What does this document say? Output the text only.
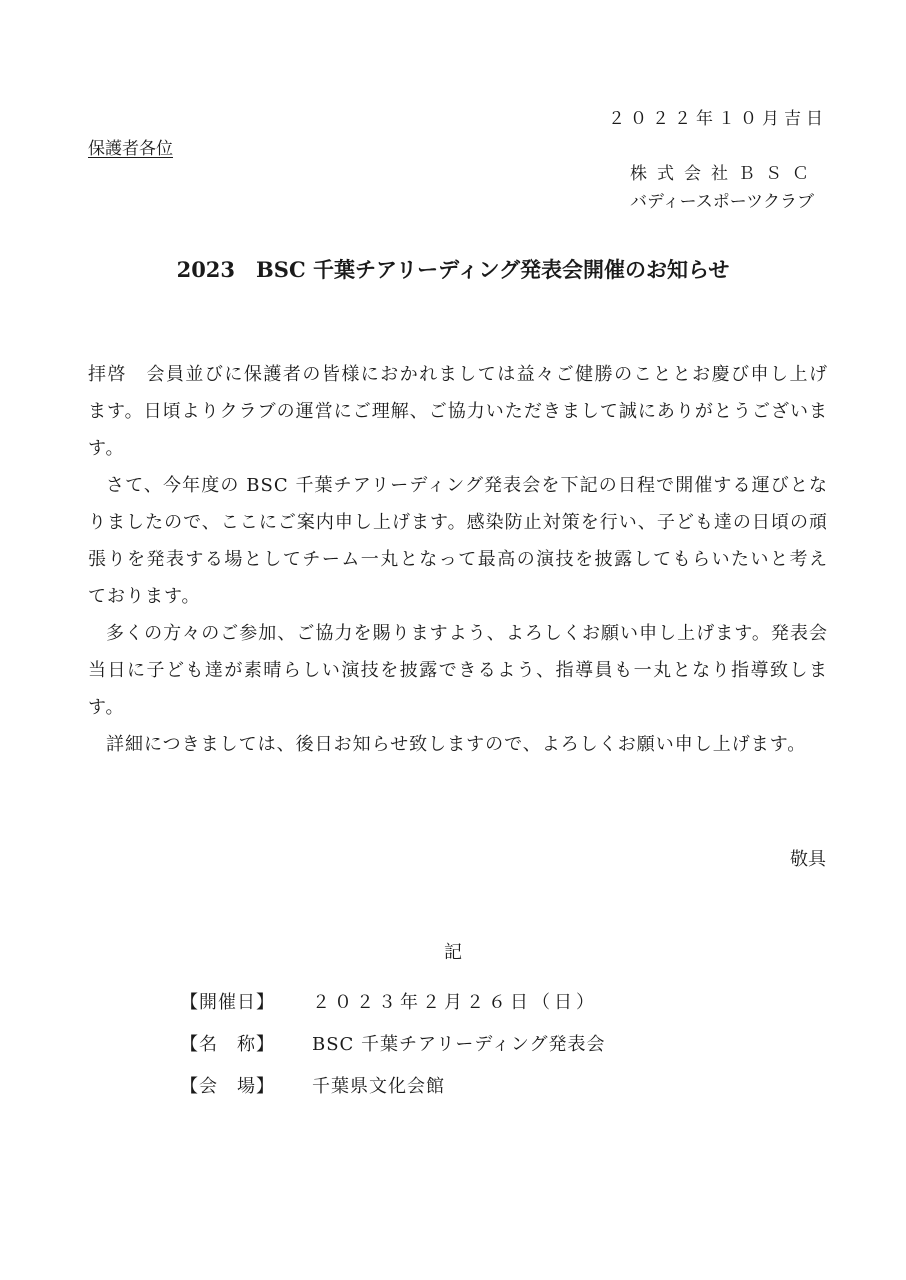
２０２２年１０月吉日
保護者各位
株式会社ＢＳＣ
バディースポーツクラブ
2023　BSC 千葉チアリーディング発表会開催のお知らせ

拝啓　会員並びに保護者の皆様におかれましては益々ご健勝のこととお慶び申し上げます。日頃よりクラブの運営にご理解、ご協力いただきまして誠にありがとうございます。

さて、今年度の BSC 千葉チアリーディング発表会を下記の日程で開催する運びとなりましたので、ここにご案内申し上げます。感染防止対策を行い、子ども達の日頃の頑張りを発表する場としてチーム一丸となって最高の演技を披露してもらいたいと考えております。

多くの方々のご参加、ご協力を賜りますよう、よろしくお願い申し上げます。発表会当日に子ども達が素晴らしい演技を披露できるよう、指導員も一丸となり指導致します。

詳細につきましては、後日お知らせ致しますので、よろしくお願い申し上げます。

敬具
記
【開催日】	２０２３年２月２６日（日）
【名　称】	BSC 千葉チアリーディング発表会
【会　場】	千葉県文化会館
